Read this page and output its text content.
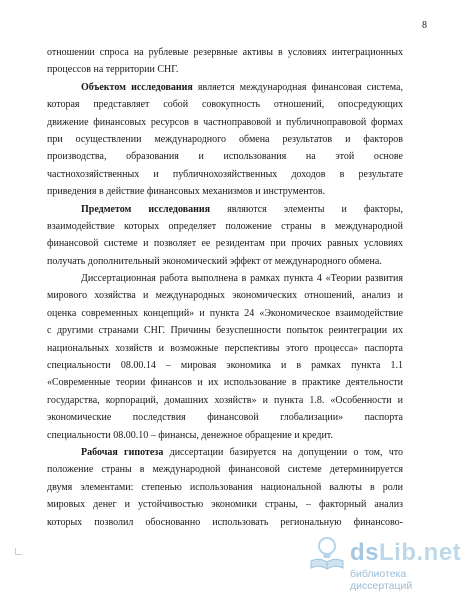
8
отношении спроса на рублевые резервные активы в условиях интеграционных
процессов на территории СНГ.
Объектом исследования является международная финансовая система,
которая представляет собой совокупность отношений, опосредующих
движение финансовых ресурсов в частноправовой и публичноправовой формах
при осуществлении международного обмена результатов и факторов
производства, образования и использования на этой основе
частнохозяйственных и публичнохозяйственных доходов в результате
приведения в действие финансовых механизмов и инструментов.
Предметом исследования являются элементы и факторы,
взаимодействие которых определяет положение страны в международной
финансовой системе и позволяет ее резидентам при прочих равных условиях
получать дополнительный экономический эффект от международного обмена.
Диссертационная работа выполнена в рамках пункта 4 «Теории развития
мирового хозяйства и международных экономических отношений, анализ и
оценка современных концепций» и пункта 24 «Экономическое взаимодействие
с другими странами СНГ. Причины безуспешности попыток реинтеграции их
национальных хозяйств и возможные перспективы этого процесса» паспорта
специальности 08.00.14 – мировая экономика и в рамках пункта 1.1
«Современные теории финансов и их использование в практике деятельности
государства, корпораций, домашних хозяйств» и пункта 1.8. «Особенности и
экономические последствия финансовой глобализации» паспорта
специальности 08.00.10 – финансы, денежное обращение и кредит.
Рабочая гипотеза диссертации базируется на допущении о том, что
положение страны в международной финансовой системе детерминируется
двумя элементами: степенью использования национальной валюты в роли
мировых денег и устойчивостью экономики страны, – факторный анализ
которых позволил обоснованно использовать региональную финансово-
dsLib.net
библиотека диссертаций
